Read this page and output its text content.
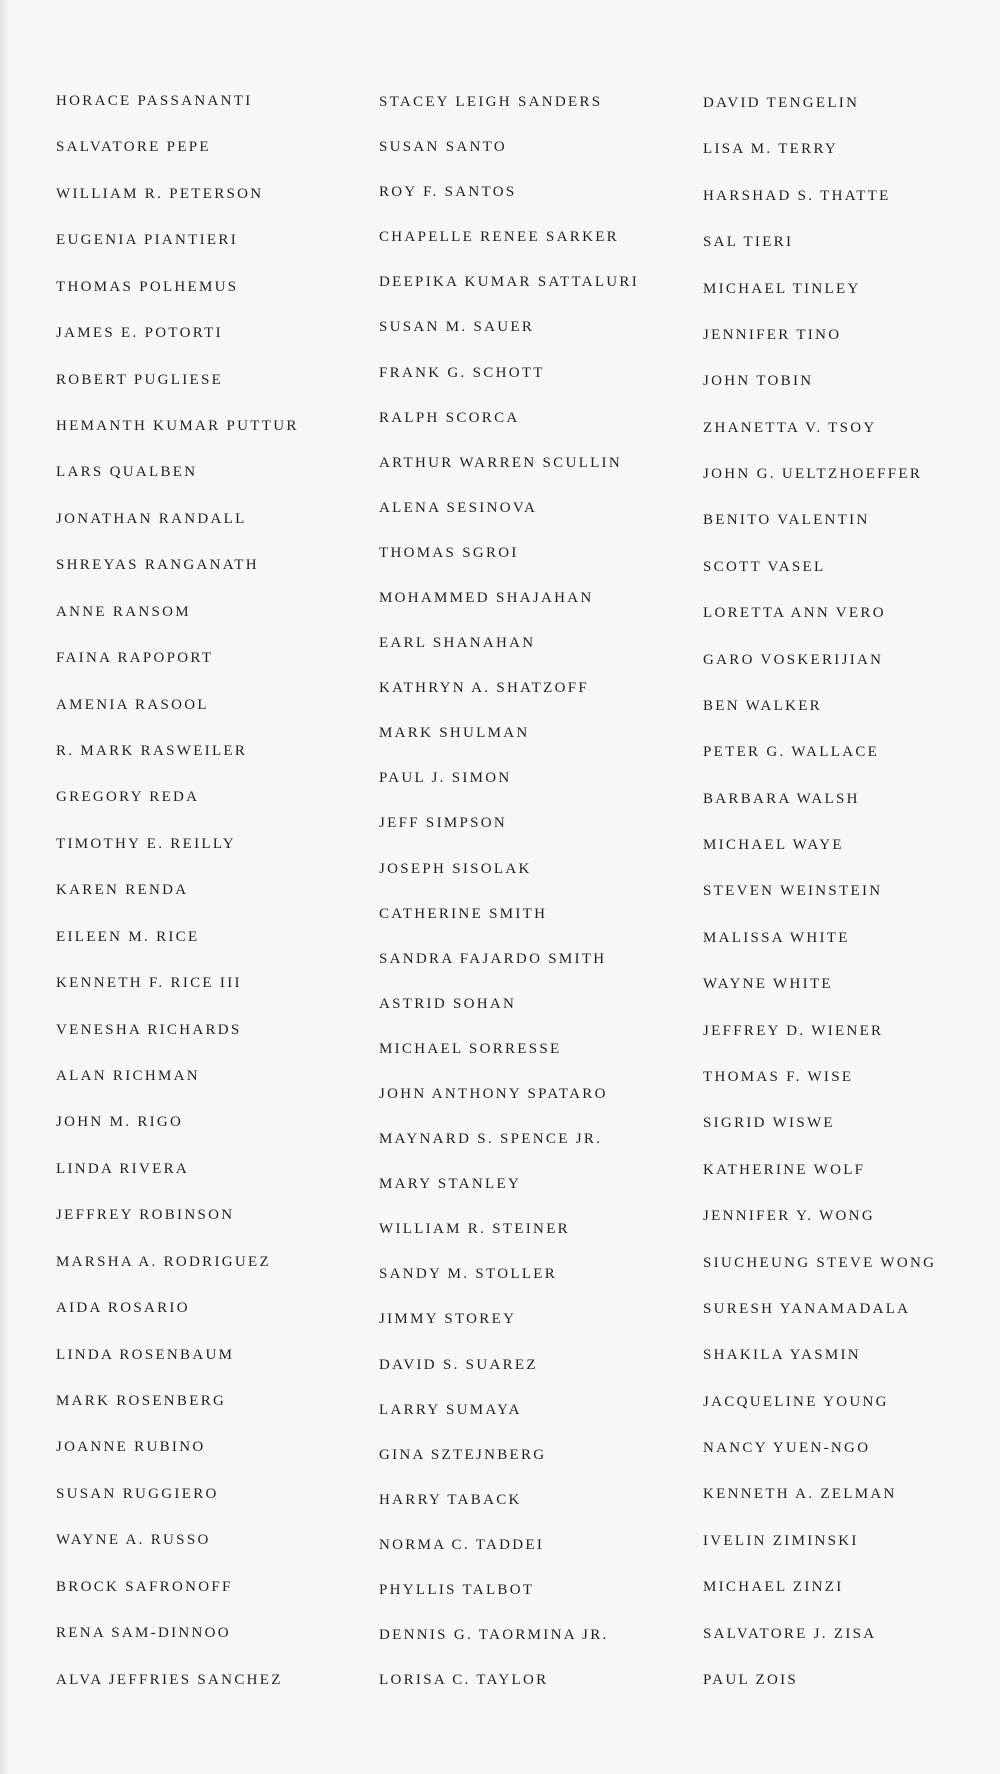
HORACE PASSANANTI
SALVATORE PEPE
WILLIAM R. PETERSON
EUGENIA PIANTIERI
THOMAS POLHEMUS
JAMES E. POTORTI
ROBERT PUGLIESE
HEMANTH KUMAR PUTTUR
LARS QUALBEN
JONATHAN RANDALL
SHREYAS RANGANATH
ANNE RANSOM
FAINA RAPOPORT
AMENIA RASOOL
R. MARK RASWEILER
GREGORY REDA
TIMOTHY E. REILLY
KAREN RENDA
EILEEN M. RICE
KENNETH F. RICE III
VENESHA RICHARDS
ALAN RICHMAN
JOHN M. RIGO
LINDA RIVERA
JEFFREY ROBINSON
MARSHA A. RODRIGUEZ
AIDA ROSARIO
LINDA ROSENBAUM
MARK ROSENBERG
JOANNE RUBINO
SUSAN RUGGIERO
WAYNE A. RUSSO
BROCK SAFRONOFF
RENA SAM-DINNOO
ALVA JEFFRIES SANCHEZ
STACEY LEIGH SANDERS
SUSAN SANTO
ROY F. SANTOS
CHAPELLE RENEE SARKER
DEEPIKA KUMAR SATTALURI
SUSAN M. SAUER
FRANK G. SCHOTT
RALPH SCORCA
ARTHUR WARREN SCULLIN
ALENA SESINOVA
THOMAS SGROI
MOHAMMED SHAJAHAN
EARL SHANAHAN
KATHRYN A. SHATZOFF
MARK SHULMAN
PAUL J. SIMON
JEFF SIMPSON
JOSEPH SISOLAK
CATHERINE SMITH
SANDRA FAJARDO SMITH
ASTRID SOHAN
MICHAEL SORRESSE
JOHN ANTHONY SPATARO
MAYNARD S. SPENCE JR.
MARY STANLEY
WILLIAM R. STEINER
SANDY M. STOLLER
JIMMY STOREY
DAVID S. SUAREZ
LARRY SUMAYA
GINA SZTEJNBERG
HARRY TABACK
NORMA C. TADDEI
PHYLLIS TALBOT
DENNIS G. TAORMINA JR.
LORISA C. TAYLOR
DAVID TENGELIN
LISA M. TERRY
HARSHAD S. THATTE
SAL TIERI
MICHAEL TINLEY
JENNIFER TINO
JOHN TOBIN
ZHANETTA V. TSOY
JOHN G. UELTZHOEFFER
BENITO VALENTIN
SCOTT VASEL
LORETTA ANN VERO
GARO VOSKERIJIAN
BEN WALKER
PETER G. WALLACE
BARBARA WALSH
MICHAEL WAYE
STEVEN WEINSTEIN
MALISSA WHITE
WAYNE WHITE
JEFFREY D. WIENER
THOMAS F. WISE
SIGRID WISWE
KATHERINE WOLF
JENNIFER Y. WONG
SIUCHEUNG STEVE WONG
SURESH YANAMADALA
SHAKILA YASMIN
JACQUELINE YOUNG
NANCY YUEN-NGO
KENNETH A. ZELMAN
IVELIN ZIMINSKI
MICHAEL ZINZI
SALVATORE J. ZISA
PAUL ZOIS
